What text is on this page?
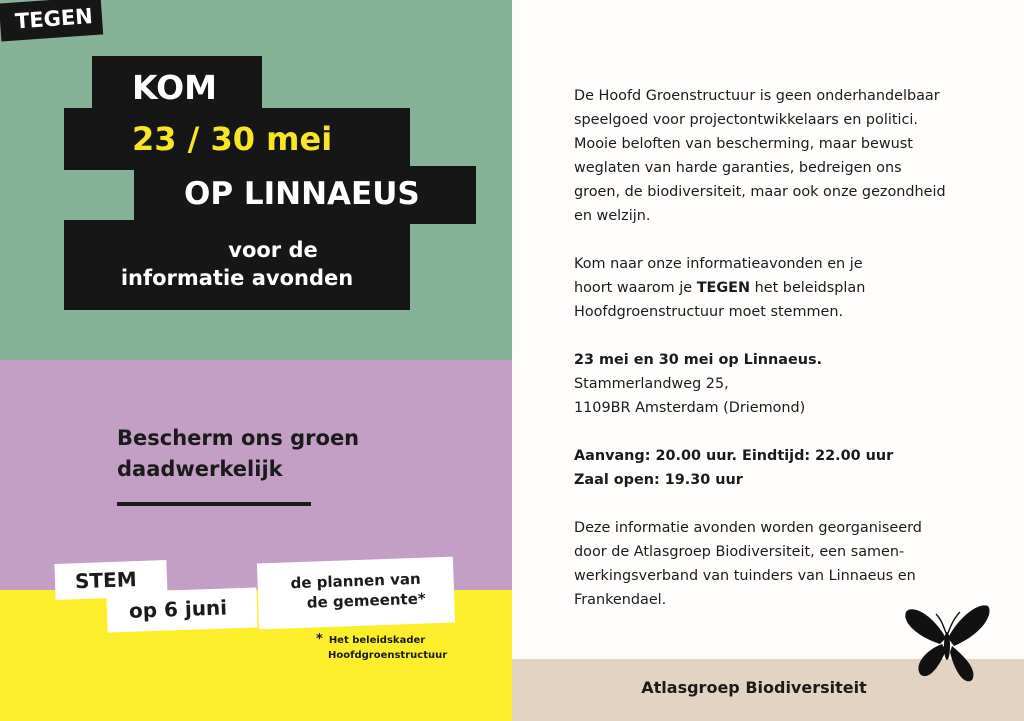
KOM
23 / 30 mei
OP LINNAEUS
voor de
informatie avonden
Bescherm ons groen
daadwerkelijk
STEM
op 6 juni
de plannen van
de gemeente*
TEGEN
* Het beleidskader
Hoofdgroenstructuur

De Hoofd Groenstructuur is geen onderhandelbaar
speelgoed voor projectontwikkelaars en politici.
Mooie beloften van bescherming, maar bewust
weglaten van harde garanties, bedreigen ons
groen, de biodiversiteit, maar ook onze gezondheid
en welzijn.

Kom naar onze informatieavonden en je
hoort waarom je TEGEN het beleidsplan
Hoofdgroenstructuur moet stemmen.

23 mei en 30 mei op Linnaeus.
Stammerlandweg 25,
1109BR Amsterdam (Driemond)

Aanvang: 20.00 uur. Eindtijd: 22.00 uur
Zaal open: 19.30 uur

Deze informatie avonden worden georganiseerd
door de Atlasgroep Biodiversiteit, een samen-
werkingsverband van tuinders van Linnaeus en
Frankendael.

Atlasgroep Biodiversiteit
